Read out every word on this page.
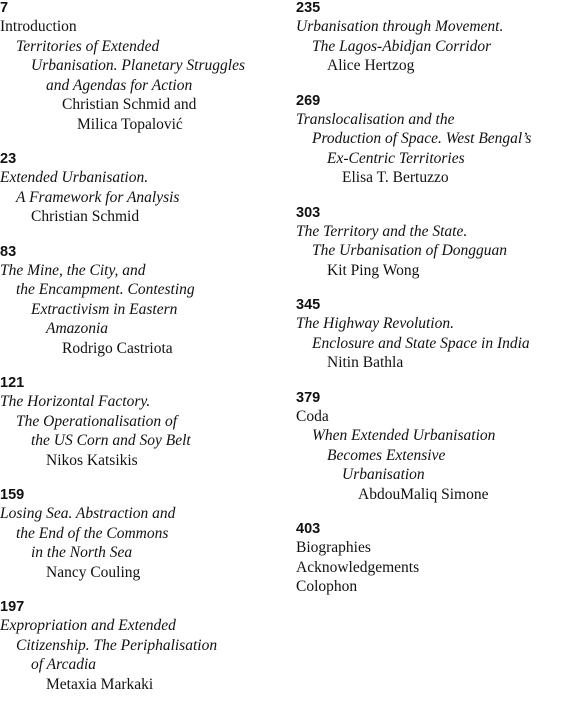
7
Introduction
Territories of Extended
Urbanisation. Planetary Struggles
and Agendas for Action
Christian Schmid and
Milica Topalović
23
Extended Urbanisation.
A Framework for Analysis
Christian Schmid
83
The Mine, the City, and
the Encampment. Contesting
Extractivism in Eastern
Amazonia
Rodrigo Castriota
121
The Horizontal Factory.
The Operationalisation of
the US Corn and Soy Belt
Nikos Katsikis
159
Losing Sea. Abstraction and
the End of the Commons
in the North Sea
Nancy Couling
197
Expropriation and Extended
Citizenship. The Periphalisation
of Arcadia
Metaxia Markaki
235
Urbanisation through Movement.
The Lagos-Abidjan Corridor
Alice Hertzog
269
Translocalisation and the
Production of Space. West Bengal’s
Ex-Centric Territories
Elisa T. Bertuzzo
303
The Territory and the State.
The Urbanisation of Dongguan
Kit Ping Wong
345
The Highway Revolution.
Enclosure and State Space in India
Nitin Bathla
379
Coda
When Extended Urbanisation
Becomes Extensive
Urbanisation
AbdouMaliq Simone
403
Biographies
Acknowledgements
Colophon
